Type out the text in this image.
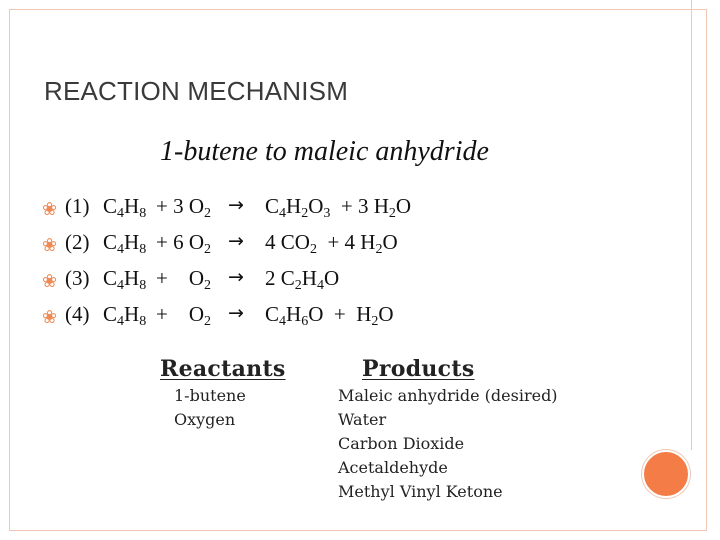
REACTION MECHANISM
1-butene to maleic anhydride
❀ (1) $C_4H_8 + 3$ $O_2 \to C_4H_2O_3 + 3$ $H_2O$
❀ (2) $C_4H_8 + 6$ $O_2 \to 4$ $CO_2 + 4$ $H_2O$
❀ (3) $C_4H_8$ +    $O_2 \to 2$ $C_2H_4O$
❀ (4) $C_4H_8$ +    $O_2 \to C_4H_6O + H_2O$
Reactants
1-butene
Oxygen
Products
Maleic anhydride (desired)
Water
Carbon Dioxide
Acetaldehyde
Methyl Vinyl Ketone
